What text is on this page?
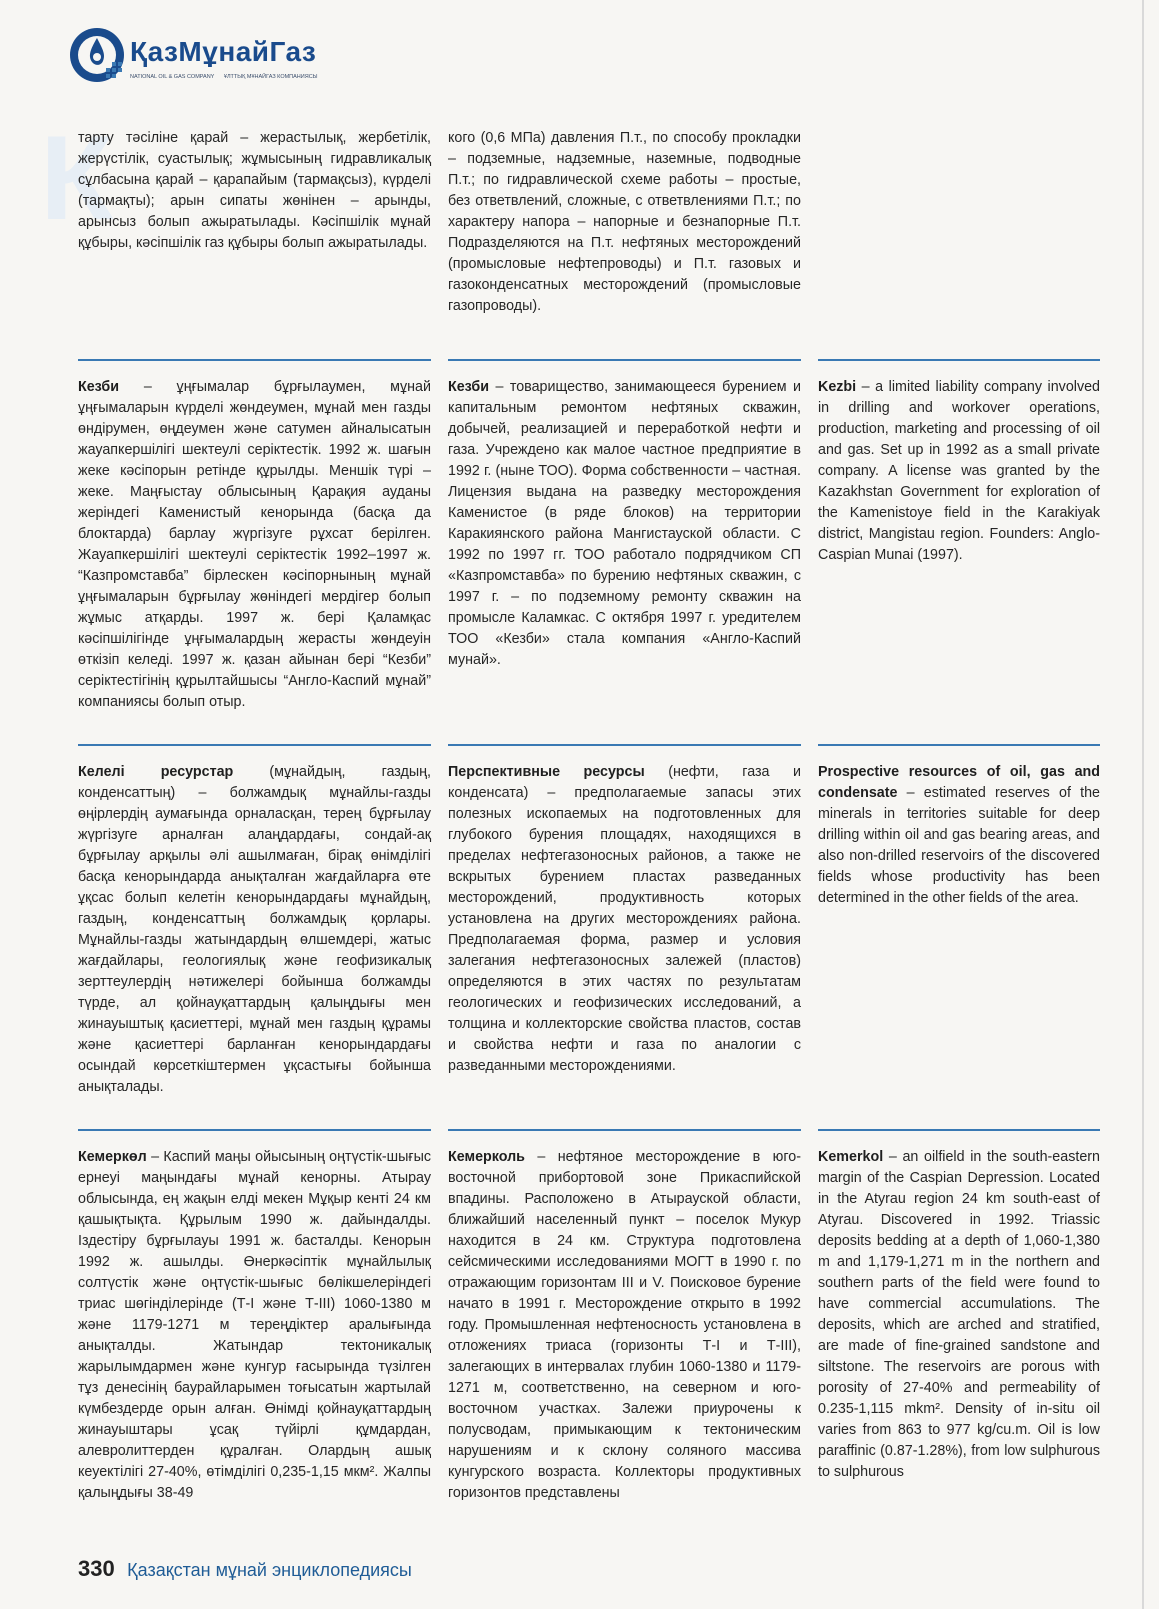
ҚазМұнайГаз
NATIONAL OIL & GAS COMPANY ҰЛТТЫҚ МҰНАЙГАЗ КОМПАНИЯСЫ
К
тарту тәсіліне қарай – жерастылық, жербетілік, жерүстілік, суастылық; жұмысының гидравликалық сұлбасына қарай – қарапайым (тармақсыз), күрделі (тармақты); арын сипаты жөнінен – арынды, арынсыз болып ажыратылады. Кәсіпшілік мұнай құбыры, кәсіпшілік газ құбыры болып ажыратылады.
кого (0,6 МПа) давления П.т., по способу прокладки – подземные, надземные, наземные, подводные П.т.; по гидравлической схеме работы – простые, без ответвлений, сложные, с ответвлениями П.т.; по характеру напора – напорные и безнапорные П.т. Подразделяются на П.т. нефтяных месторождений (промысловые нефтепроводы) и П.т. газовых и газоконденсатных месторождений (промысловые газопроводы).
Кезби – ұңғымалар бұрғылаумен, мұнай ұңғымаларын күрделі жөндеумен, мұнай мен газды өндірумен, өңдеумен және сатумен айналысатын жауапкершілігі шектеулі серіктестік. 1992 ж. шағын жеке кәсіпорын ретінде құрылды. Меншік түрі – жеке. Маңғыстау облысының Қарақия ауданы жеріндегі Каменистый кенорында (басқа да блоктарда) барлау жүргізуге рұхсат берілген. Жауапкершілігі шектеулі серіктестік 1992–1997 ж. “Казпромставба” бірлескен кәсіпорнының мұнай ұңғымаларын бұрғылау жөніндегі мердігер болып жұмыс атқарды. 1997 ж. бері Қаламқас кәсіпшілігінде ұңғымалардың жерасты жөндеуін өткізіп келеді. 1997 ж. қазан айынан бері “Кезби” серіктестігінің құрылтайшысы “Англо-Каспий мұнай” компаниясы болып отыр.
Кезби – товарищество, занимающееся бурением и капитальным ремонтом нефтяных скважин, добычей, реализацией и переработкой нефти и газа. Учреждено как малое частное предприятие в 1992 г. (ныне ТОО). Форма собственности – частная. Лицензия выдана на разведку месторождения Каменистое (в ряде блоков) на территории Каракиянского района Мангистауской области. С 1992 по 1997 гг. ТОО работало подрядчиком СП «Казпромставба» по бурению нефтяных скважин, с 1997 г. – по подземному ремонту скважин на промысле Каламкас. С октября 1997 г. уредителем ТОО «Кезби» стала компания «Англо-Каспий мунай».
Kezbi – a limited liability company involved in drilling and workover operations, production, marketing and processing of oil and gas. Set up in 1992 as a small private company. A license was granted by the Kazakhstan Government for exploration of the Kamenistoye field in the Karakiyak district, Mangistau region. Founders: Anglo-Caspian Munai (1997).
Келелі ресурстар (мұнайдың, газдың, конденсаттың) – болжамдық мұнайлы-газды өңірлердің аумағында орналасқан, терең бұрғылау жүргізуге арналған алаңдардағы, сондай-ақ бұрғылау арқылы әлі ашылмаған, бірақ өнімділігі басқа кенорындарда анықталған жағдайларға өте ұқсас болып келетін кенорындардағы мұнайдың, газдың, конденсаттың болжамдық қорлары. Мұнайлы-газды жатындардың өлшемдері, жатыс жағдайлары, геологиялық және геофизикалық зерттеулердің нәтижелері бойынша болжамды түрде, ал қойнауқаттардың қалыңдығы мен жинауыштық қасиеттері, мұнай мен газдың құрамы және қасиеттері барланған кенорындардағы осындай көрсеткіштермен ұқсастығы бойынша анықталады.
Перспективные ресурсы (нефти, газа и конденсата) – предполагаемые запасы этих полезных ископаемых на подготовленных для глубокого бурения площадях, находящихся в пределах нефтегазоносных районов, а также не вскрытых бурением пластах разведанных месторождений, продуктивность которых установлена на других месторождениях района. Предполагаемая форма, размер и условия залегания нефтегазоносных залежей (пластов) определяются в этих частях по результатам геологических и геофизических исследований, а толщина и коллекторские свойства пластов, состав и свойства нефти и газа по аналогии с разведанными месторождениями.
Prospective resources of oil, gas and condensate – estimated reserves of the minerals in territories suitable for deep drilling within oil and gas bearing areas, and also non-drilled reservoirs of the discovered fields whose productivity has been determined in the other fields of the area.
Кемеркөл – Каспий маңы ойысының оңтүстік-шығыс ернеуі маңындағы мұнай кенорны. Атырау облысында, ең жақын елді мекен Мұқыр кенті 24 км қашықтықта. Құрылым 1990 ж. дайындалды. Іздестіру бұрғылауы 1991 ж. басталды. Кенорын 1992 ж. ашылды. Өнеркәсіптік мұнайлылық солтүстік және оңтүстік-шығыс бөлікшелеріндегі триас шөгінділерінде (Т-І және Т-ІІІ) 1060-1380 м және 1179-1271 м тереңдіктер аралығында анықталды. Жатындар тектоникалық жарылымдармен және кунгур ғасырында түзілген тұз денесінің баурайларымен тоғысатын жартылай күмбездерде орын алған. Өнімді қойнауқаттардың жинауыштары ұсақ түйірлі құмдардан, алевролиттерден құралған. Олардың ашық кеуектілігі 27-40%, өтімділігі 0,235-1,15 мкм². Жалпы қалыңдығы 38-49
Кемерколь – нефтяное месторождение в юго-восточной прибортовой зоне Прикаспийской впадины. Расположено в Атырауской области, ближайший населенный пункт – поселок Мукур находится в 24 км. Структура подготовлена сейсмическими исследованиями МОГТ в 1990 г. по отражающим горизонтам III и V. Поисковое бурение начато в 1991 г. Месторождение открыто в 1992 году. Промышленная нефтеносность установлена в отложениях триаса (горизонты Т-I и Т-III), залегающих в интервалах глубин 1060-1380 и 1179-1271 м, соответственно, на северном и юго-восточном участках. Залежи приурочены к полусводам, примыкающим к тектоническим нарушениям и к склону соляного массива кунгурского возраста. Коллекторы продуктивных горизонтов представлены
Kemerkol – an oilfield in the south-eastern margin of the Caspian Depression. Located in the Atyrau region 24 km south-east of Atyrau. Discovered in 1992. Triassic deposits bedding at a depth of 1,060-1,380 m and 1,179-1,271 m in the northern and southern parts of the field were found to have commercial accumulations. The deposits, which are arched and stratified, are made of fine-grained sandstone and siltstone. The reservoirs are porous with porosity of 27-40% and permeability of 0.235-1,115 mkm². Density of in-situ oil varies from 863 to 977 kg/cu.m. Oil is low paraffinic (0.87-1.28%), from low sulphurous to sulphurous
330 Қазақстан мұнай энциклопедиясы
